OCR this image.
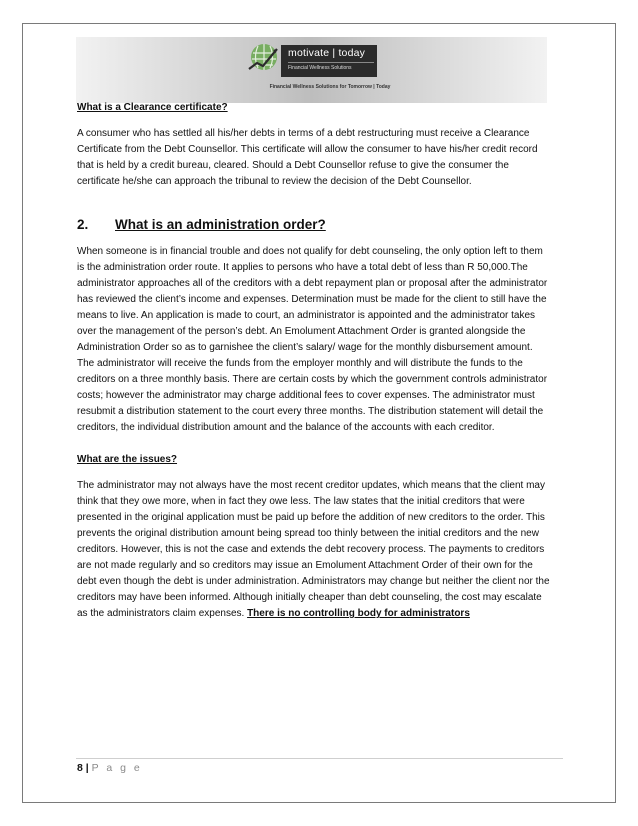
motivate | today
Financial Wellness Solutions
Financial Wellness Solutions for Tomorrow | Today

What is a Clearance certificate?

A consumer who has settled all his/her debts in terms of a debt restructuring must receive a Clearance Certificate from the Debt Counsellor. This certificate will allow the consumer to have his/her credit record that is held by a credit bureau, cleared. Should a Debt Counsellor refuse to give the consumer the certificate he/she can approach the tribunal to review the decision of the Debt Counsellor.

2.	What is an administration order?

When someone is in financial trouble and does not qualify for debt counseling, the only option left to them is the administration order route. It applies to persons who have a total debt of less than R 50,000.The administrator approaches all of the creditors with a debt repayment plan or proposal after the administrator has reviewed the client’s income and expenses. Determination must be made for the client to still have the means to live. An application is made to court, an administrator is appointed and the administrator takes over the management of the person’s debt. An Emolument Attachment Order is granted alongside the Administration Order so as to garnishee the client’s salary/ wage for the monthly disbursement amount. The administrator will receive the funds from the employer monthly and will distribute the funds to the creditors on a three monthly basis. There are certain costs by which the government controls administrator costs; however the administrator may charge additional fees to cover expenses. The administrator must resubmit a distribution statement to the court every three months. The distribution statement will detail the creditors, the individual distribution amount and the balance of the accounts with each creditor.

What are the issues?

The administrator may not always have the most recent creditor updates, which means that the client may think that they owe more, when in fact they owe less. The law states that the initial creditors that were presented in the original application must be paid up before the addition of new creditors to the order. This prevents the original distribution amount being spread too thinly between the initial creditors and the new creditors. However, this is not the case and extends the debt recovery process. The payments to creditors are not made regularly and so creditors may issue an Emolument Attachment Order of their own for the debt even though the debt is under administration. Administrators may change but neither the client nor the creditors may have been informed. Although initially cheaper than debt counseling, the cost may escalate as the administrators claim expenses. There is no controlling body for administrators

8 | P a g e
